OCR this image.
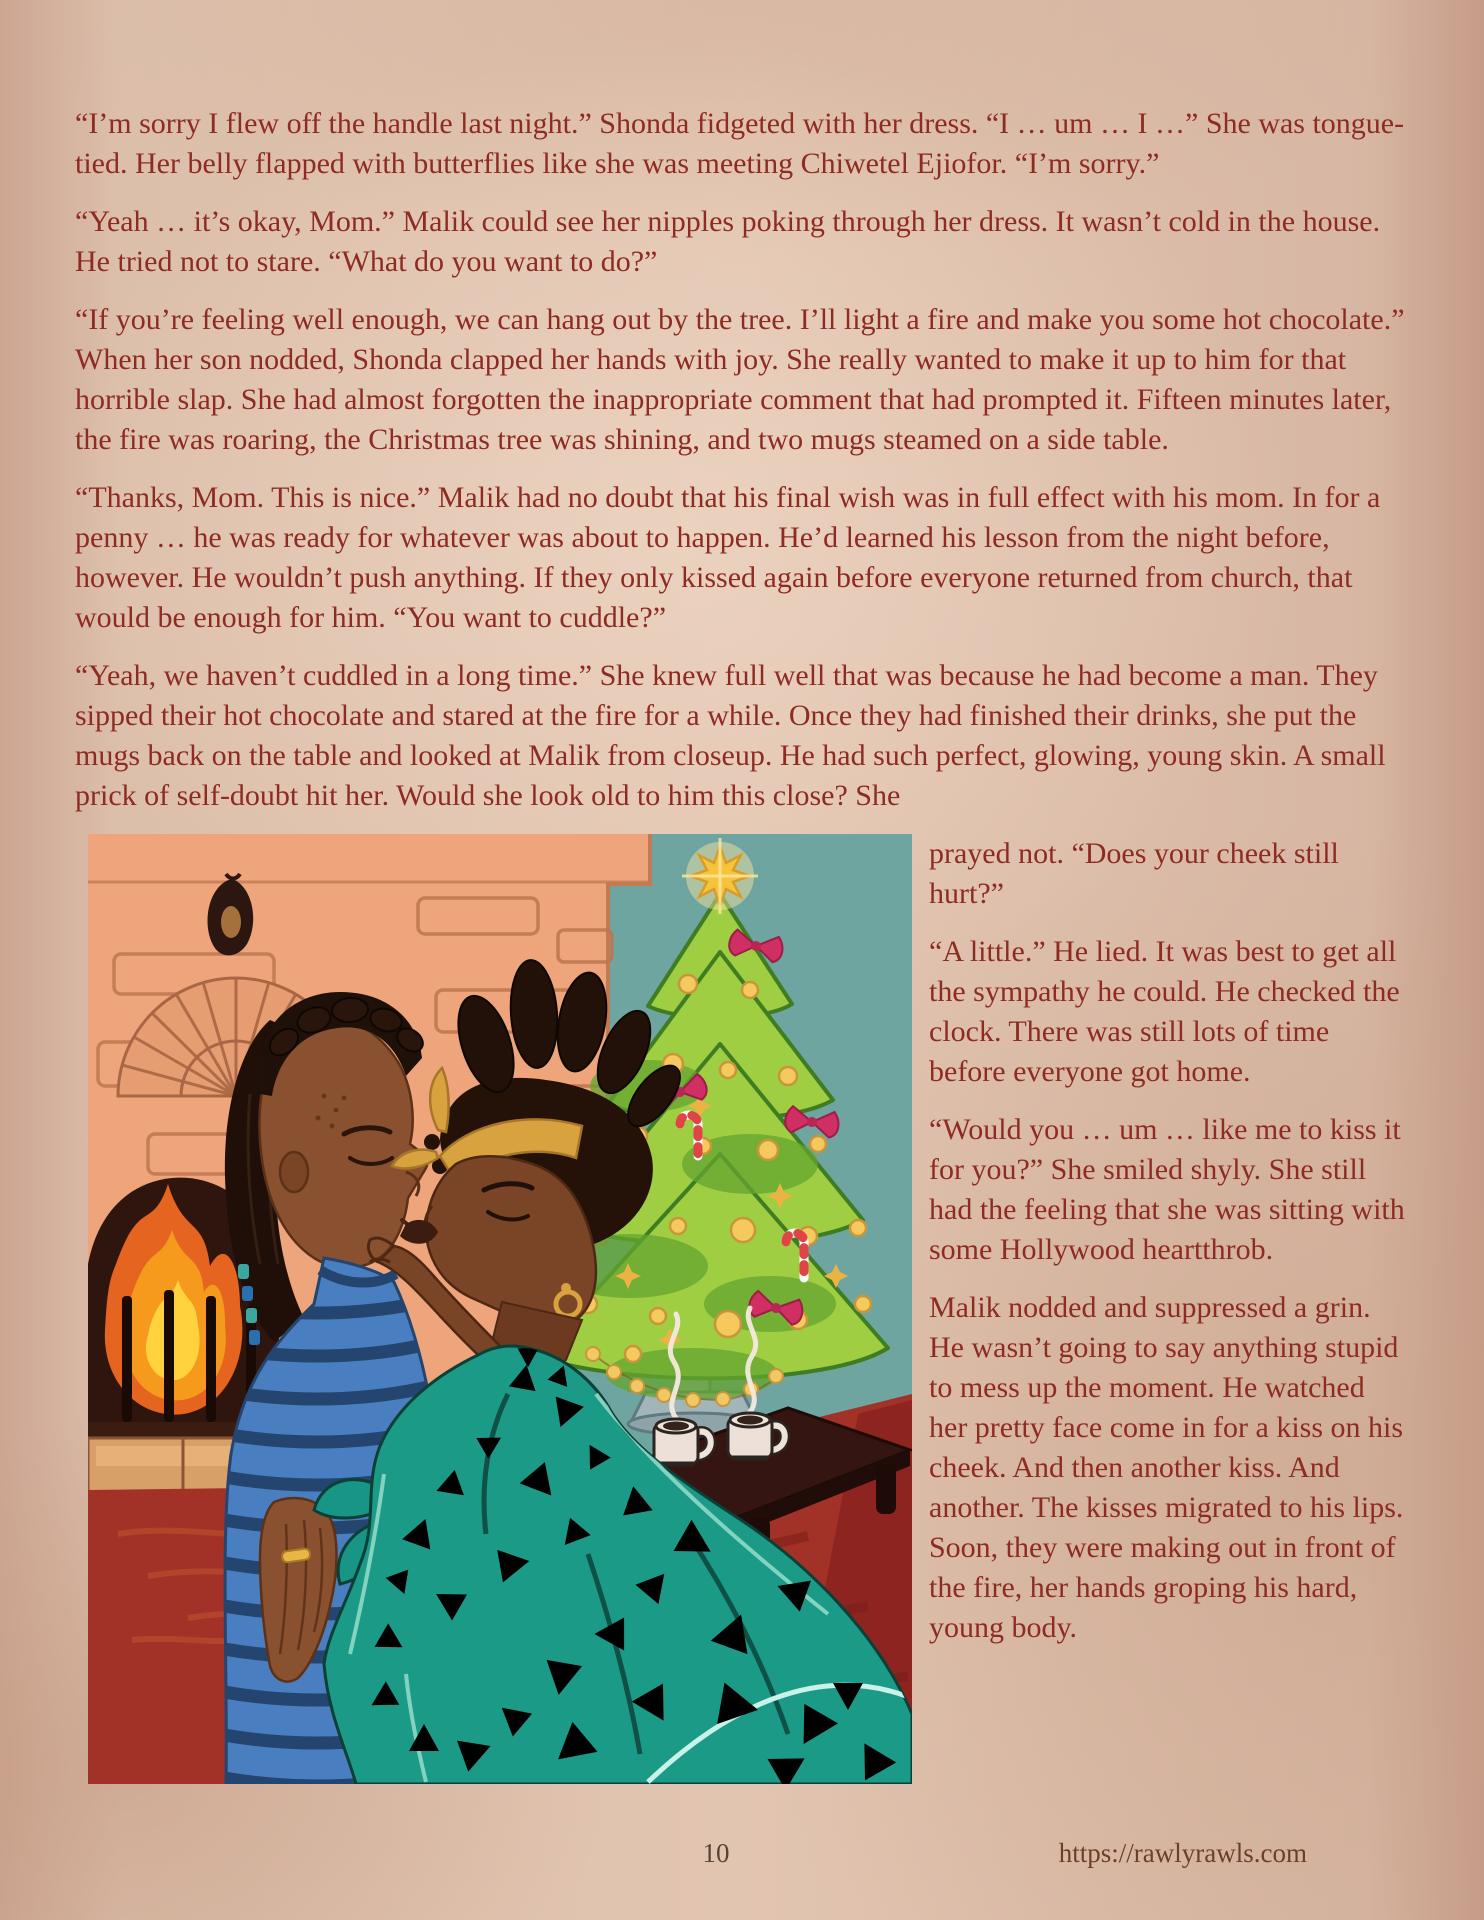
“I’m sorry I flew off the handle last night.” Shonda fidgeted with her dress. “I … um … I …” She was tongue-tied. Her belly flapped with butterflies like she was meeting Chiwetel Ejiofor. “I’m sorry.”

“Yeah … it’s okay, Mom.” Malik could see her nipples poking through her dress. It wasn’t cold in the house. He tried not to stare. “What do you want to do?”

“If you’re feeling well enough, we can hang out by the tree. I’ll light a fire and make you some hot chocolate.” When her son nodded, Shonda clapped her hands with joy. She really wanted to make it up to him for that horrible slap. She had almost forgotten the inappropriate comment that had prompted it. Fifteen minutes later, the fire was roaring, the Christmas tree was shining, and two mugs steamed on a side table.

“Thanks, Mom. This is nice.” Malik had no doubt that his final wish was in full effect with his mom. In for a penny … he was ready for whatever was about to happen. He’d learned his lesson from the night before, however. He wouldn’t push anything. If they only kissed again before everyone returned from church, that would be enough for him. “You want to cuddle?”

“Yeah, we haven’t cuddled in a long time.” She knew full well that was because he had become a man. They sipped their hot chocolate and stared at the fire for a while. Once they had finished their drinks, she put the mugs back on the table and looked at Malik from closeup. He had such perfect, glowing, young skin. A small prick of self-doubt hit her. Would she look old to him this close? She

prayed not. “Does your cheek still hurt?”

“A little.” He lied. It was best to get all the sympathy he could. He checked the clock. There was still lots of time before everyone got home.

“Would you … um … like me to kiss it for you?” She smiled shyly. She still had the feeling that she was sitting with some Hollywood heartthrob.

Malik nodded and suppressed a grin. He wasn’t going to say anything stupid to mess up the moment. He watched her pretty face come in for a kiss on his cheek. And then another kiss. And another. The kisses migrated to his lips. Soon, they were making out in front of the fire, her hands groping his hard, young body.

10	https://rawlyrawls.com
